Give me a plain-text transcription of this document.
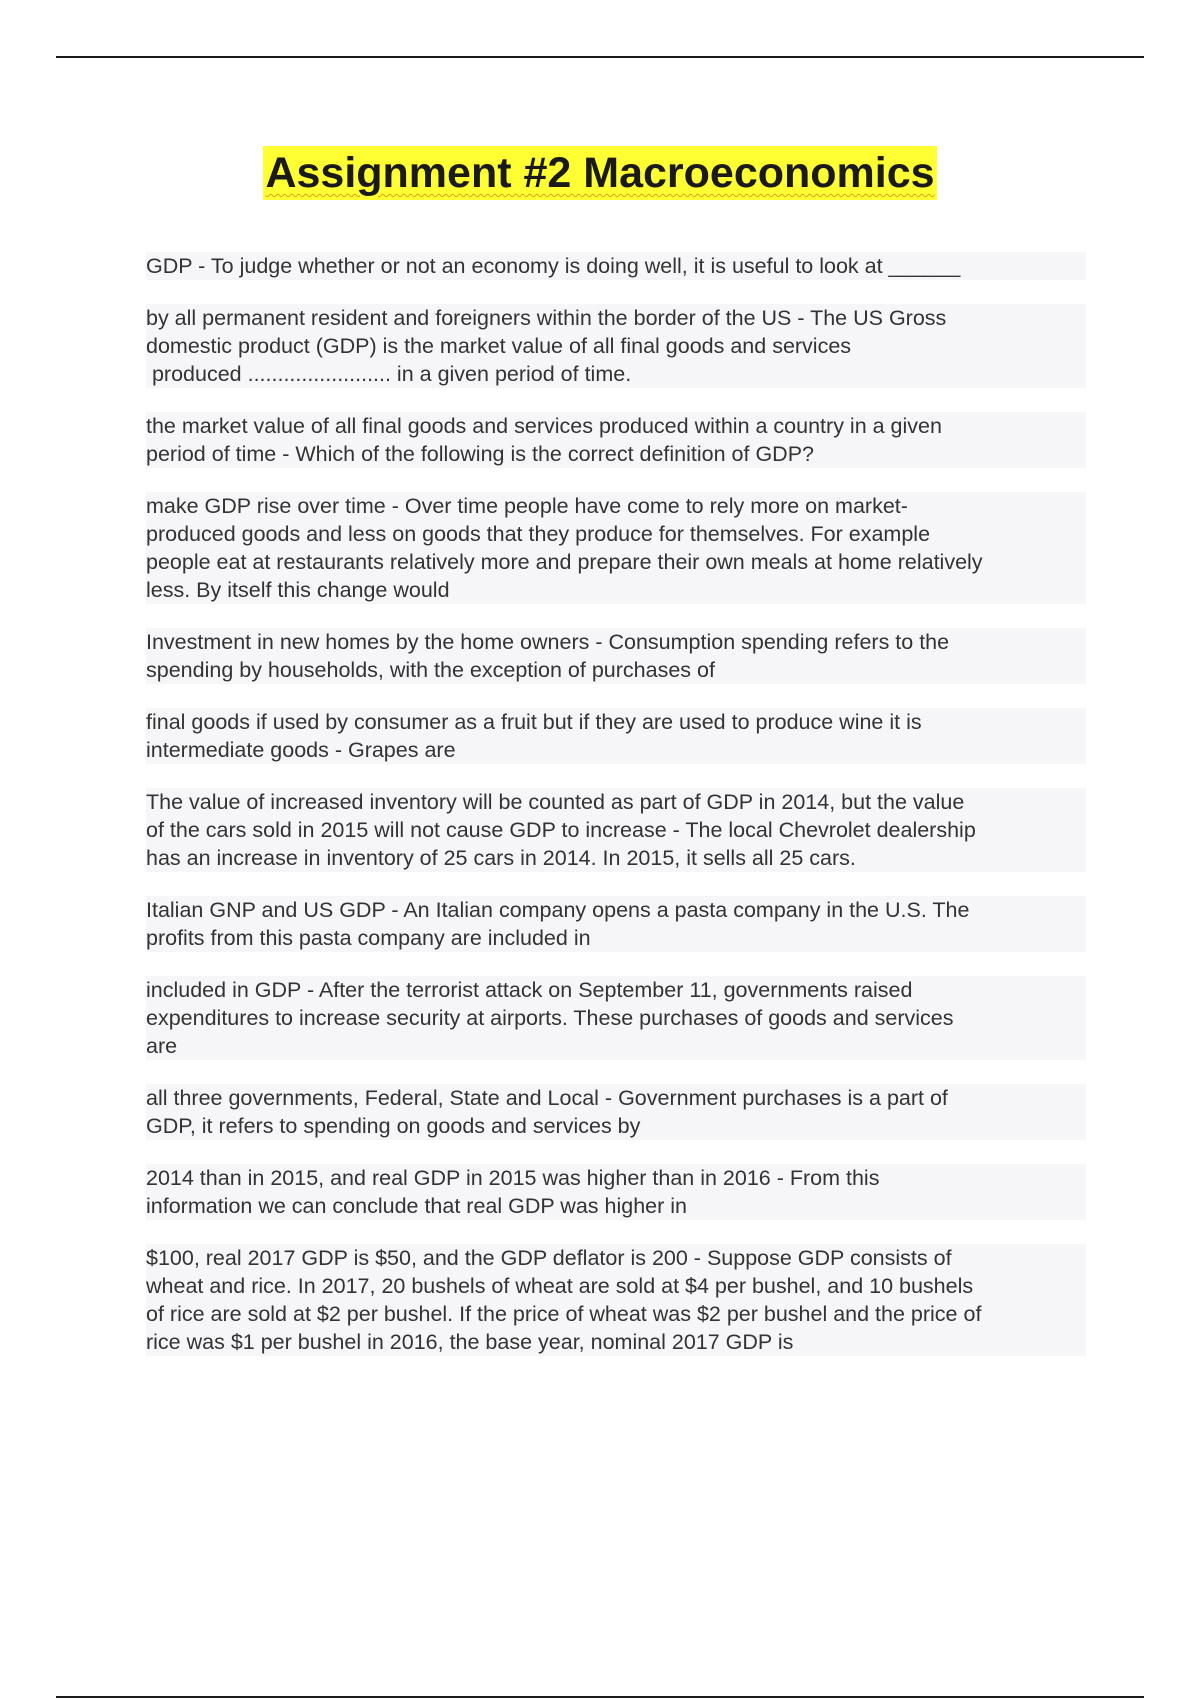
Assignment #2 Macroeconomics

GDP - To judge whether or not an economy is doing well, it is useful to look at ______

by all permanent resident and foreigners within the border of the US - The US Gross
domestic product (GDP) is the market value of all final goods and services
produced ........................ in a given period of time.

the market value of all final goods and services produced within a country in a given
period of time - Which of the following is the correct definition of GDP?

make GDP rise over time - Over time people have come to rely more on market-
produced goods and less on goods that they produce for themselves. For example
people eat at restaurants relatively more and prepare their own meals at home relatively
less. By itself this change would

Investment in new homes by the home owners - Consumption spending refers to the
spending by households, with the exception of purchases of

final goods if used by consumer as a fruit but if they are used to produce wine it is
intermediate goods - Grapes are

The value of increased inventory will be counted as part of GDP in 2014, but the value
of the cars sold in 2015 will not cause GDP to increase - The local Chevrolet dealership
has an increase in inventory of 25 cars in 2014. In 2015, it sells all 25 cars.

Italian GNP and US GDP - An Italian company opens a pasta company in the U.S. The
profits from this pasta company are included in

included in GDP - After the terrorist attack on September 11, governments raised
expenditures to increase security at airports. These purchases of goods and services
are

all three governments, Federal, State and Local - Government purchases is a part of
GDP, it refers to spending on goods and services by

2014 than in 2015, and real GDP in 2015 was higher than in 2016 - From this
information we can conclude that real GDP was higher in

$100, real 2017 GDP is $50, and the GDP deflator is 200 - Suppose GDP consists of
wheat and rice. In 2017, 20 bushels of wheat are sold at $4 per bushel, and 10 bushels
of rice are sold at $2 per bushel. If the price of wheat was $2 per bushel and the price of
rice was $1 per bushel in 2016, the base year, nominal 2017 GDP is
